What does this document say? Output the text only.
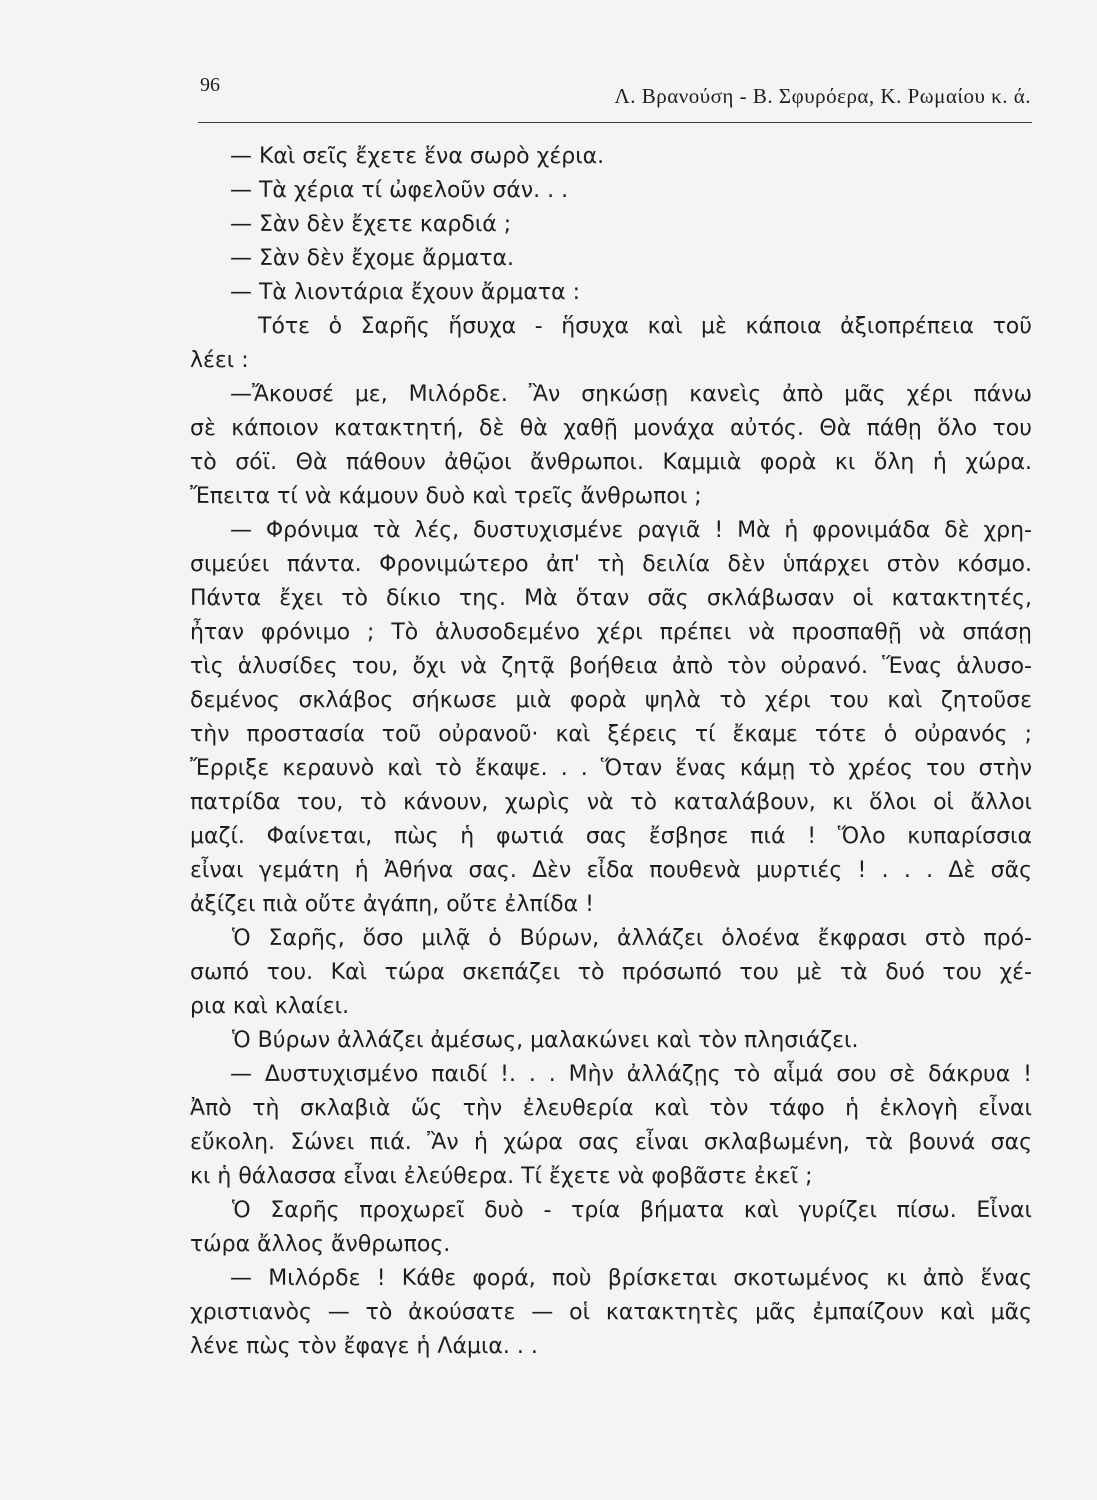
96	Λ. Βρανούση - Β. Σφυρόερα, Κ. Ρωμαίου κ. ά.
— Καὶ σεῖς ἔχετε ἕνα σωρὸ χέρια.
— Τὰ χέρια τί ὠφελοῦν σάν. . .
— Σὰν δὲν ἔχετε καρδιά ;
— Σὰν δὲν ἔχομε ἄρματα.
— Τὰ λιοντάρια ἔχουν ἄρματα :
Τότε ὁ Σαρῆς ἥσυχα - ἥσυχα καὶ μὲ κάποια ἀξιοπρέπεια τοῦ
λέει :
—Ἄκουσέ με, Μιλόρδε. Ἂν σηκώσῃ κανεὶς ἀπὸ μᾶς χέρι πάνω
σὲ κάποιον κατακτητή, δὲ θὰ χαθῇ μονάχα αὐτός. Θὰ πάθῃ ὅλο του
τὸ σόϊ. Θὰ πάθουν ἀθῷοι ἄνθρωποι. Καμμιὰ φορὰ κι ὅλη ἡ χώρα.
Ἔπειτα τί νὰ κάμουν δυὸ καὶ τρεῖς ἄνθρωποι ;
— Φρόνιμα τὰ λές, δυστυχισμένε ραγιᾶ ! Μὰ ἡ φρονιμάδα δὲ χρη-
σιμεύει πάντα. Φρονιμώτερο ἀπ' τὴ δειλία δὲν ὑπάρχει στὸν κόσμο.
Πάντα ἔχει τὸ δίκιο της. Μὰ ὅταν σᾶς σκλάβωσαν οἱ κατακτητές,
ἦταν φρόνιμο ; Τὸ ἁλυσοδεμένο χέρι πρέπει νὰ προσπαθῇ νὰ σπάσῃ
τὶς ἁλυσίδες του, ὄχι νὰ ζητᾷ βοήθεια ἀπὸ τὸν οὐρανό. Ἕνας ἁλυσο-
δεμένος σκλάβος σήκωσε μιὰ φορὰ ψηλὰ τὸ χέρι του καὶ ζητοῦσε
τὴν προστασία τοῦ οὐρανοῦ· καὶ ξέρεις τί ἔκαμε τότε ὁ οὐρανός ;
Ἔρριξε κεραυνὸ καὶ τὸ ἔκαψε. . . Ὅταν ἕνας κάμῃ τὸ χρέος του στὴν
πατρίδα του, τὸ κάνουν, χωρὶς νὰ τὸ καταλάβουν, κι ὅλοι οἱ ἄλλοι
μαζί. Φαίνεται, πὼς ἡ φωτιά σας ἔσβησε πιά ! Ὅλο κυπαρίσσια
εἶναι γεμάτη ἡ Ἀθήνα σας. Δὲν εἶδα πουθενὰ μυρτιές ! . . . Δὲ σᾶς
ἀξίζει πιὰ οὔτε ἀγάπη, οὔτε ἐλπίδα !
Ὁ Σαρῆς, ὅσο μιλᾷ ὁ Βύρων, ἀλλάζει ὁλοένα ἔκφρασι στὸ πρό-
σωπό του. Καὶ τώρα σκεπάζει τὸ πρόσωπό του μὲ τὰ δυό του χέ-
ρια καὶ κλαίει.
Ὁ Βύρων ἀλλάζει ἀμέσως, μαλακώνει καὶ τὸν πλησιάζει.
— Δυστυχισμένο παιδί !. . . Μὴν ἀλλάζῃς τὸ αἷμά σου σὲ δάκρυα !
Ἀπὸ τὴ σκλαβιὰ ὥς τὴν ἐλευθερία καὶ τὸν τάφο ἡ ἐκλογὴ εἶναι
εὔκολη. Σώνει πιά. Ἂν ἡ χώρα σας εἶναι σκλαβωμένη, τὰ βουνά σας
κι ἡ θάλασσα εἶναι ἐλεύθερα. Τί ἔχετε νὰ φοβᾶστε ἐκεῖ ;
Ὁ Σαρῆς προχωρεῖ δυὸ - τρία βήματα καὶ γυρίζει πίσω. Εἶναι
τώρα ἄλλος ἄνθρωπος.
— Μιλόρδε ! Κάθε φορά, ποὺ βρίσκεται σκοτωμένος κι ἀπὸ ἕνας
χριστιανὸς — τὸ ἀκούσατε — οἱ κατακτητὲς μᾶς ἐμπαίζουν καὶ μᾶς
λένε πὼς τὸν ἔφαγε ἡ Λάμια. . .
